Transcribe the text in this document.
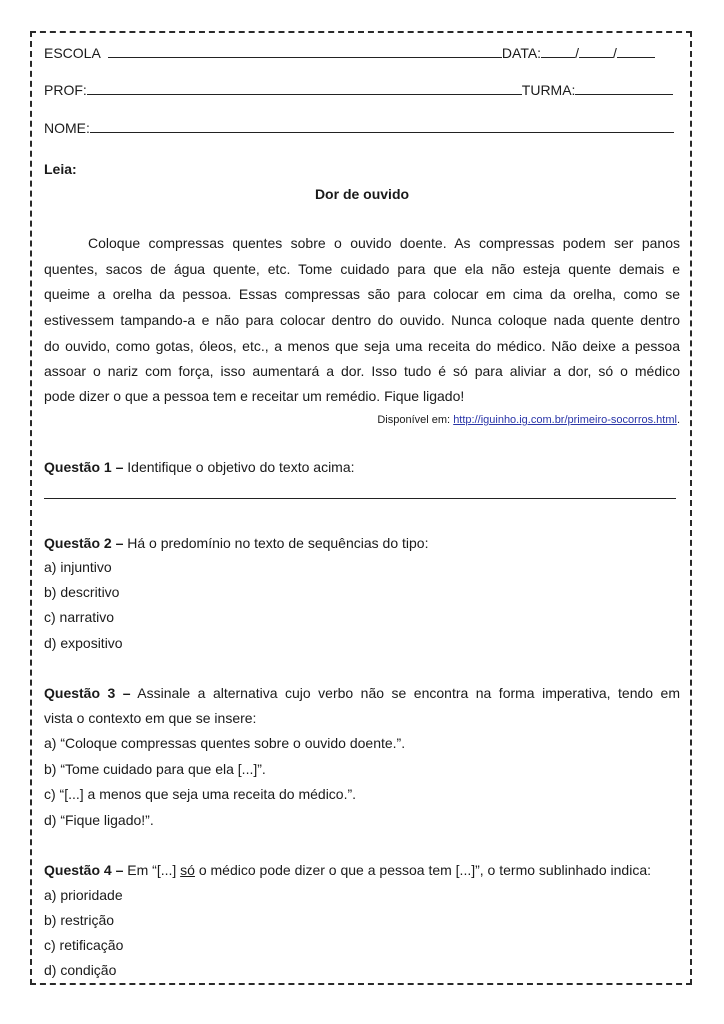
ESCOLA	DATA: / /
PROF:	TURMA:
NOME:
Leia:
Dor de ouvido
Coloque compressas quentes sobre o ouvido doente. As compressas podem ser panos
quentes, sacos de água quente, etc. Tome cuidado para que ela não esteja quente demais e
queime a orelha da pessoa. Essas compressas são para colocar em cima da orelha, como se
estivessem tampando-a e não para colocar dentro do ouvido. Nunca coloque nada quente dentro
do ouvido, como gotas, óleos, etc., a menos que seja uma receita do médico. Não deixe a pessoa
assoar o nariz com força, isso aumentará a dor. Isso tudo é só para aliviar a dor, só o médico
pode dizer o que a pessoa tem e receitar um remédio. Fique ligado!
Disponível em: http://iguinho.ig.com.br/primeiro-socorros.html.
Questão 1 – Identifique o objetivo do texto acima:
Questão 2 – Há o predomínio no texto de sequências do tipo:
a) injuntivo
b) descritivo
c) narrativo
d) expositivo
Questão 3 – Assinale a alternativa cujo verbo não se encontra na forma imperativa, tendo em
vista o contexto em que se insere:
a) “Coloque compressas quentes sobre o ouvido doente.”.
b) “Tome cuidado para que ela [...]”.
c) “[...] a menos que seja uma receita do médico.”.
d) “Fique ligado!”.
Questão 4 – Em “[...] só o médico pode dizer o que a pessoa tem [...]”, o termo sublinhado indica:
a) prioridade
b) restrição
c) retificação
d) condição
